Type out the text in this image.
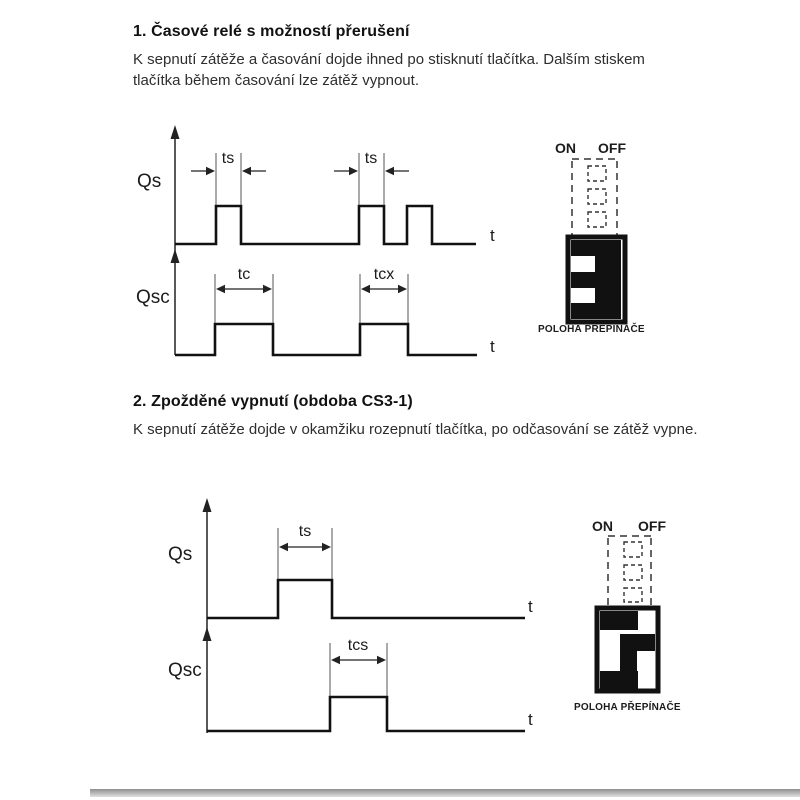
1. Časové relé s možností přerušení
K sepnutí zátěže a časování dojde ihned po stisknutí tlačítka. Dalším stiskem tlačítka během časování lze zátěž vypnout.
Qs
t
ts	ts
Qsc
t
tc	tcx
ON OFF
POLOHA PŘEPÍNAČE
2. Zpožděné vypnutí (obdoba CS3-1)
K sepnutí zátěže dojde v okamžiku rozepnutí tlačítka, po odčasování se zátěž vypne.
Qs
t
ts
Qsc
t
tcs
ON OFF
POLOHA PŘEPÍNAČE
